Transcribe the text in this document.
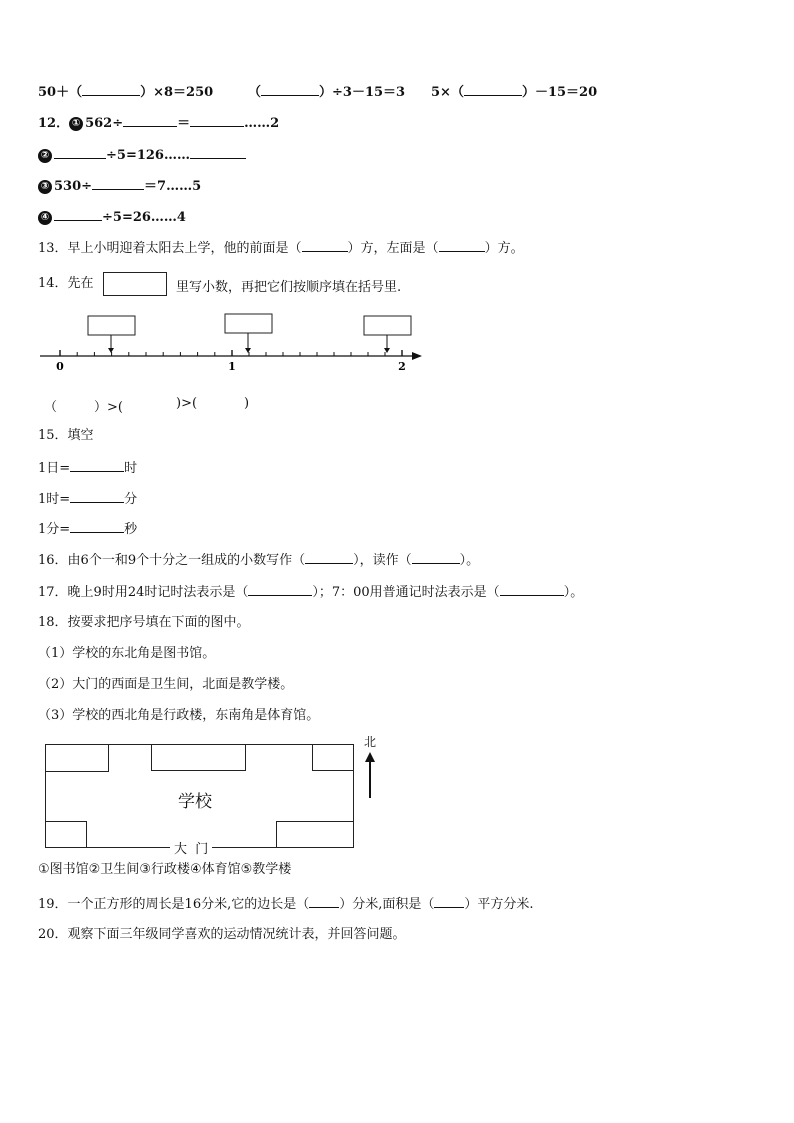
50＋（	）×8＝250	（	）÷3－15＝3 5×（	）－15＝20
12． ① 562÷	＝	……2
②	÷5=126……
③ 530÷	＝7……5
④	÷5=26……4
13．早上小明迎着太阳去上学，他的前面是（	）方，左面是（	）方。
14．先在	里写小数，再把它们按顺序填在括号里.
0	1	2
（	）>(	)>(	)
15．填空
1日=	时
1时=	分
1分=	秒
16．由6个一和9个十分之一组成的小数写作（	），读作（	）。
17．晚上9时用24时记时法表示是（	）；7：00用普通记时法表示是（	）。
18．按要求把序号填在下面的图中。
（1）学校的东北角是图书馆。
（2）大门的西面是卫生间，北面是教学楼。
（3）学校的西北角是行政楼，东南角是体育馆。
学校
大  门
北
①图书馆②卫生间③行政楼④体育馆⑤教学楼
19．一个正方形的周长是16分米,它的边长是（ ）分米,面积是（ ）平方分米.
20．观察下面三年级同学喜欢的运动情况统计表，并回答问题。
